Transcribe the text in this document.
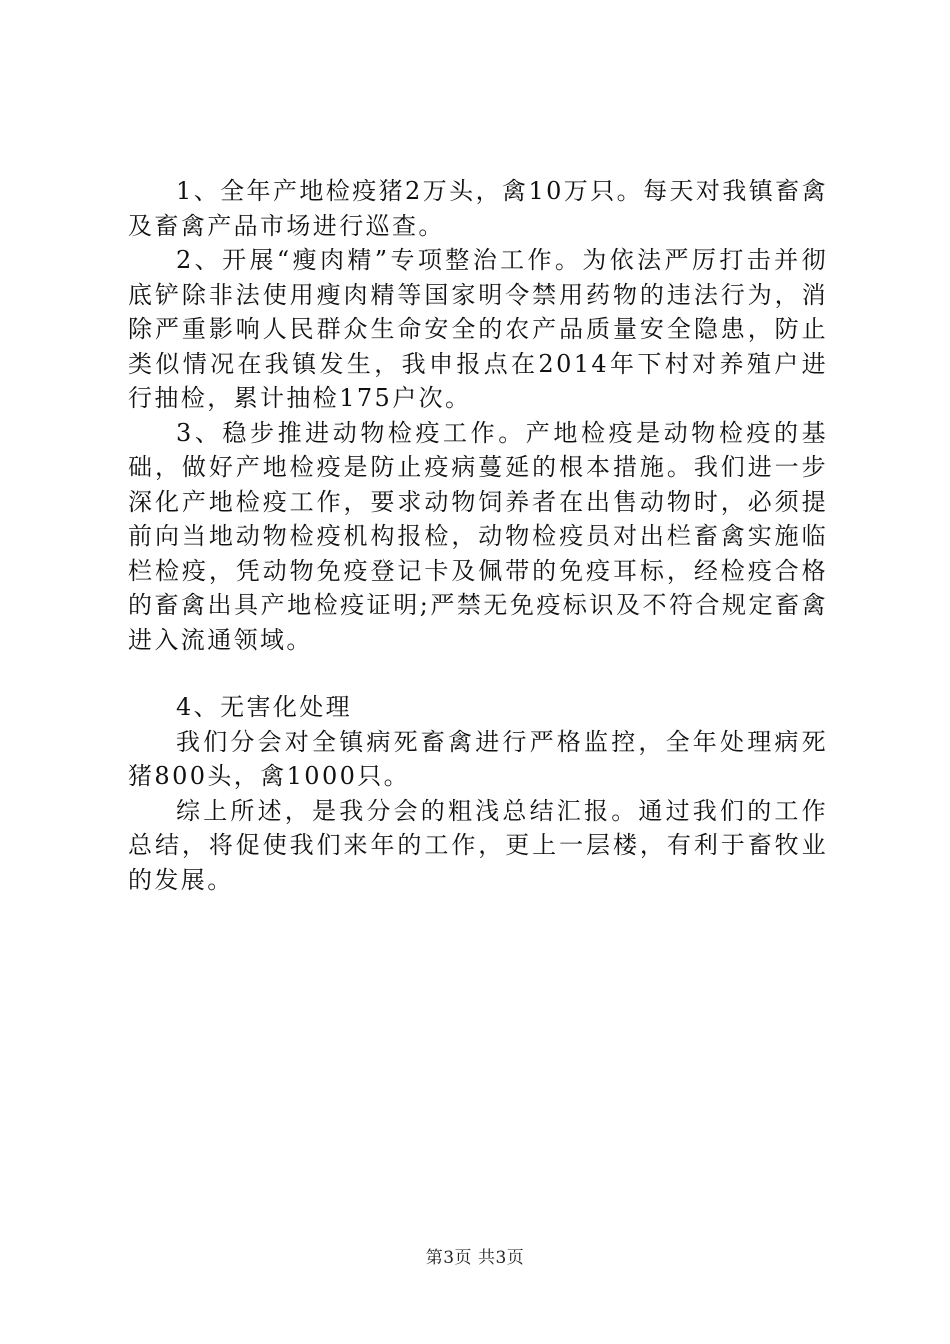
1、全年产地检疫猪2万头，禽10万只。每天对我镇畜禽及畜禽产品市场进行巡查。

2、开展“瘦肉精”专项整治工作。为依法严厉打击并彻底铲除非法使用瘦肉精等国家明令禁用药物的违法行为，消除严重影响人民群众生命安全的农产品质量安全隐患，防止类似情况在我镇发生，我申报点在2014年下村对养殖户进行抽检，累计抽检175户次。

3、稳步推进动物检疫工作。产地检疫是动物检疫的基础，做好产地检疫是防止疫病蔓延的根本措施。我们进一步深化产地检疫工作，要求动物饲养者在出售动物时，必须提前向当地动物检疫机构报检，动物检疫员对出栏畜禽实施临栏检疫，凭动物免疫登记卡及佩带的免疫耳标，经检疫合格的畜禽出具产地检疫证明;严禁无免疫标识及不符合规定畜禽进入流通领域。

4、无害化处理

我们分会对全镇病死畜禽进行严格监控，全年处理病死猪800头，禽1000只。

综上所述，是我分会的粗浅总结汇报。通过我们的工作总结，将促使我们来年的工作，更上一层楼，有利于畜牧业的发展。

第3页 共3页
